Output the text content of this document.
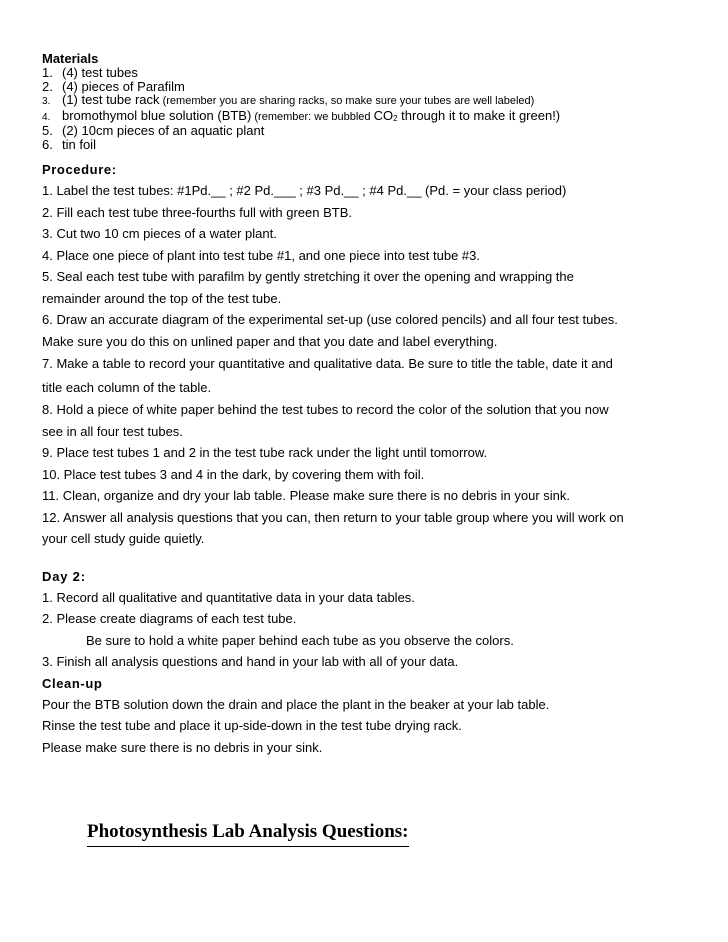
Materials
1. (4) test tubes
2. (4) pieces of Parafilm
3. (1) test tube rack (remember you are sharing racks, so make sure your tubes are well labeled)
4. bromothymol blue solution (BTB) (remember: we bubbled $CO_2$ through it to make it green!)
5. (2) 10cm pieces of an aquatic plant
6. tin foil
Procedure:
1. Label the test tubes: #1Pd.__ ; #2 Pd.___ ; #3 Pd.__ ; #4 Pd.__ (Pd. = your class period)
2. Fill each test tube three-fourths full with green BTB.
3. Cut two 10 cm pieces of a water plant.
4. Place one piece of plant into test tube #1, and one piece into test tube #3.
5. Seal each test tube with parafilm by gently stretching it over the opening and wrapping the
remainder around the top of the test tube.
6. Draw an accurate diagram of the experimental set-up (use colored pencils) and all four test tubes.
Make sure you do this on unlined paper and that you date and label everything.
7. Make a table to record your quantitative and qualitative data. Be sure to title the table, date it and
title each column of the table.
8. Hold a piece of white paper behind the test tubes to record the color of the solution that you now
see in all four test tubes.
9. Place test tubes 1 and 2 in the test tube rack under the light until tomorrow.
10. Place test tubes 3 and 4 in the dark, by covering them with foil.
11. Clean, organize and dry your lab table. Please make sure there is no debris in your sink.
12. Answer all analysis questions that you can, then return to your table group where you will work on
your cell study guide quietly.
Day 2:
1. Record all qualitative and quantitative data in your data tables.
2. Please create diagrams of each test tube.
Be sure to hold a white paper behind each tube as you observe the colors.
3. Finish all analysis questions and hand in your lab with all of your data.
Clean-up
Pour the BTB solution down the drain and place the plant in the beaker at your lab table.
Rinse the test tube and place it up-side-down in the test tube drying rack.
Please make sure there is no debris in your sink.
Photosynthesis Lab Analysis Questions:
